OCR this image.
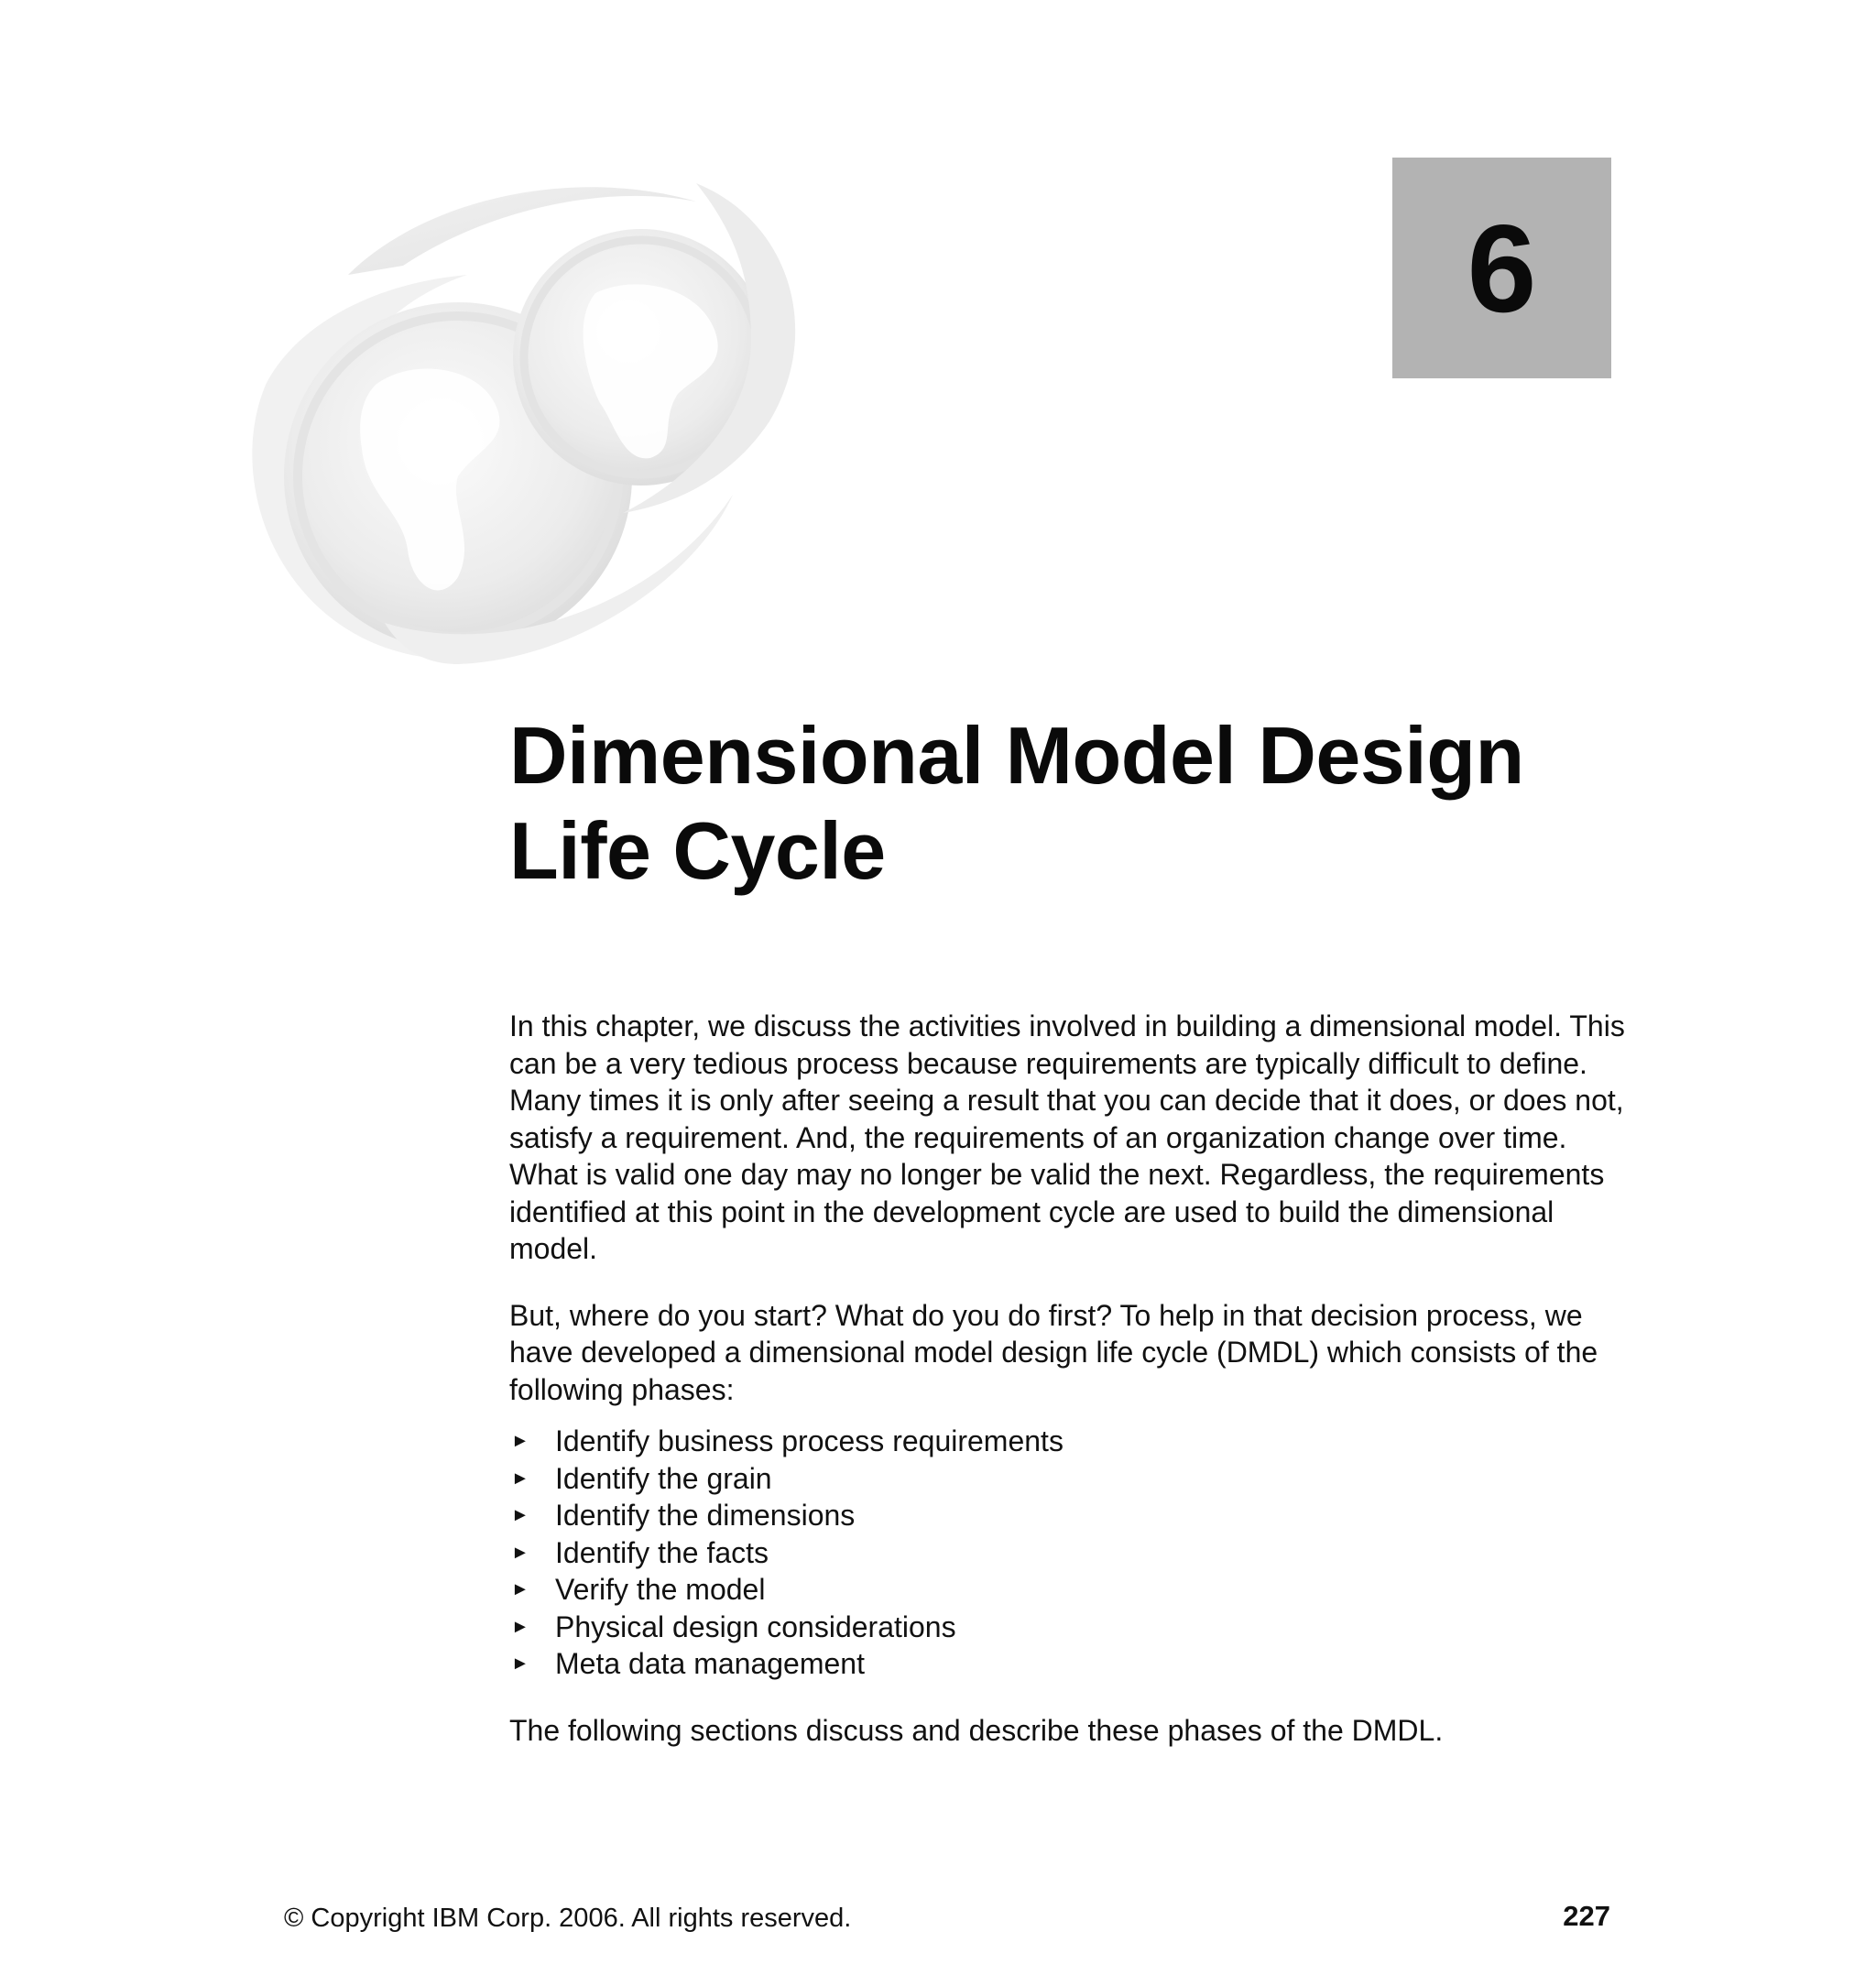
6
Dimensional Model Design
Life Cycle

In this chapter, we discuss the activities involved in building a dimensional model. This can be a very tedious process because requirements are typically difficult to define. Many times it is only after seeing a result that you can decide that it does, or does not, satisfy a requirement. And, the requirements of an organization change over time. What is valid one day may no longer be valid the next. Regardless, the requirements identified at this point in the development cycle are used to build the dimensional model.

But, where do you start? What do you do first? To help in that decision process, we have developed a dimensional model design life cycle (DMDL) which consists of the following phases:

► Identify business process requirements
► Identify the grain
► Identify the dimensions
► Identify the facts
► Verify the model
► Physical design considerations
► Meta data management

The following sections discuss and describe these phases of the DMDL.

© Copyright IBM Corp. 2006. All rights reserved.	227
